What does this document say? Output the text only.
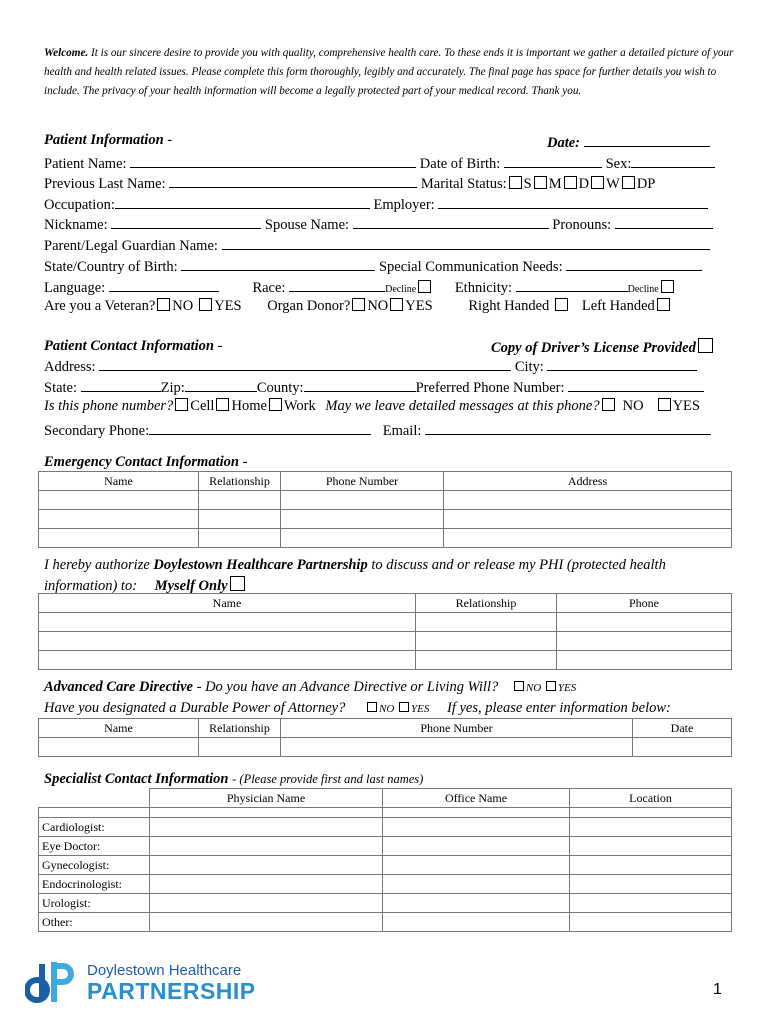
Welcome. It is our sincere desire to provide you with quality, comprehensive health care. To these ends it is important we gather a detailed picture of your health and health related issues. Please complete this form thoroughly, legibly and accurately. The final page has space for further details you wish to include. The privacy of your health information will become a legally protected part of your medical record. Thank you.
Patient Information -	Date:
Patient Name:	Date of Birth:	Sex:
Previous Last Name:	Marital Status: S M D W DP
Occupation:	Employer:
Nickname:	Spouse Name:	Pronouns:
Parent/Legal Guardian Name:
State/Country of Birth:	Special Communication Needs:
Language:	Race:	Decline	Ethnicity:	Decline
Are you a Veteran? NO YES Organ Donor? NO YES Right Handed Left Handed
Patient Contact Information -	Copy of Driver’s License Provided
Address:	City:
State:	Zip:	County:	Preferred Phone Number:
Is this phone number? Cell Home Work May we leave detailed messages at this phone? NO YES
Secondary Phone:	Email:
Emergency Contact Information -
Name	Relationship	Phone Number	Address

I hereby authorize Doylestown Healthcare Partnership to discuss and or release my PHI (protected health
information) to: Myself Only
Name	Relationship	Phone

Advanced Care Directive - Do you have an Advance Directive or Living Will?	NO YES
Have you designated a Durable Power of Attorney?	NO YES If yes, please enter information below:
Name	Relationship	Phone Number	Date

Specialist Contact Information - (Please provide first and last names)
	Physician Name	Office Name	Location

Cardiologist:			
Eye Doctor:			
Gynecologist:			
Endocrinologist:			
Urologist:			
Other:			
Doylestown Healthcare
PARTNERSHIP	1
